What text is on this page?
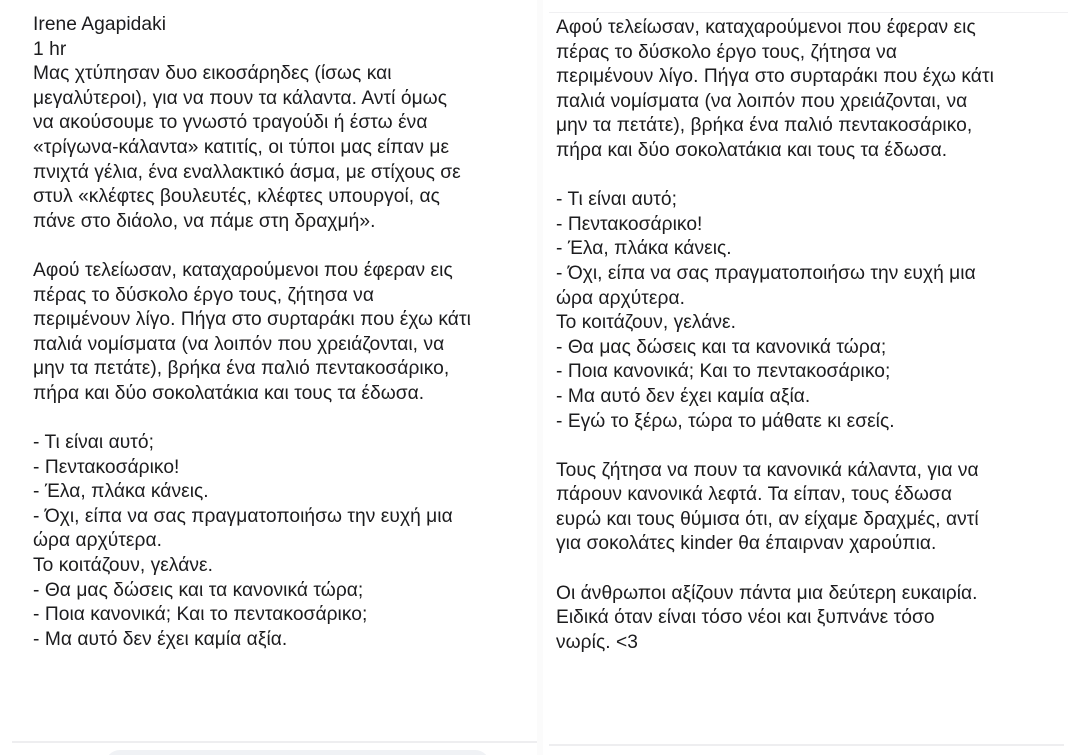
Irene Agapidaki
1 hr
Μας χτύπησαν δυο εικοσάρηδες (ίσως και
μεγαλύτεροι), για να πουν τα κάλαντα. Αντί όμως
να ακούσουμε το γνωστό τραγούδι ή έστω ένα
«τρίγωνα-κάλαντα» κατιτίς, οι τύποι μας είπαν με
πνιχτά γέλια, ένα εναλλακτικό άσμα, με στίχους σε
στυλ «κλέφτες βουλευτές, κλέφτες υπουργοί, ας
πάνε στο διάολο, να πάμε στη δραχμή».
Αφού τελείωσαν, καταχαρούμενοι που έφεραν εις
πέρας το δύσκολο έργο τους, ζήτησα να
περιμένουν λίγο. Πήγα στο συρταράκι που έχω κάτι
παλιά νομίσματα (να λοιπόν που χρειάζονται, να
μην τα πετάτε), βρήκα ένα παλιό πεντακοσάρικο,
πήρα και δύο σοκολατάκια και τους τα έδωσα.
- Τι είναι αυτό;
- Πεντακοσάρικο!
- Έλα, πλάκα κάνεις.
- Όχι, είπα να σας πραγματοποιήσω την ευχή μια
ώρα αρχύτερα.
Το κοιτάζουν, γελάνε.
- Θα μας δώσεις και τα κανονικά τώρα;
- Ποια κανονικά; Και το πεντακοσάρικο;
- Μα αυτό δεν έχει καμία αξία.
Αφού τελείωσαν, καταχαρούμενοι που έφεραν εις
πέρας το δύσκολο έργο τους, ζήτησα να
περιμένουν λίγο. Πήγα στο συρταράκι που έχω κάτι
παλιά νομίσματα (να λοιπόν που χρειάζονται, να
μην τα πετάτε), βρήκα ένα παλιό πεντακοσάρικο,
πήρα και δύο σοκολατάκια και τους τα έδωσα.
- Τι είναι αυτό;
- Πεντακοσάρικο!
- Έλα, πλάκα κάνεις.
- Όχι, είπα να σας πραγματοποιήσω την ευχή μια
ώρα αρχύτερα.
Το κοιτάζουν, γελάνε.
- Θα μας δώσεις και τα κανονικά τώρα;
- Ποια κανονικά; Και το πεντακοσάρικο;
- Μα αυτό δεν έχει καμία αξία.
- Εγώ το ξέρω, τώρα το μάθατε κι εσείς.
Τους ζήτησα να πουν τα κανονικά κάλαντα, για να
πάρουν κανονικά λεφτά. Τα είπαν, τους έδωσα
ευρώ και τους θύμισα ότι, αν είχαμε δραχμές, αντί
για σοκολάτες kinder θα έπαιρναν χαρούπια.
Οι άνθρωποι αξίζουν πάντα μια δεύτερη ευκαιρία.
Ειδικά όταν είναι τόσο νέοι και ξυπνάνε τόσο
νωρίς. <3
